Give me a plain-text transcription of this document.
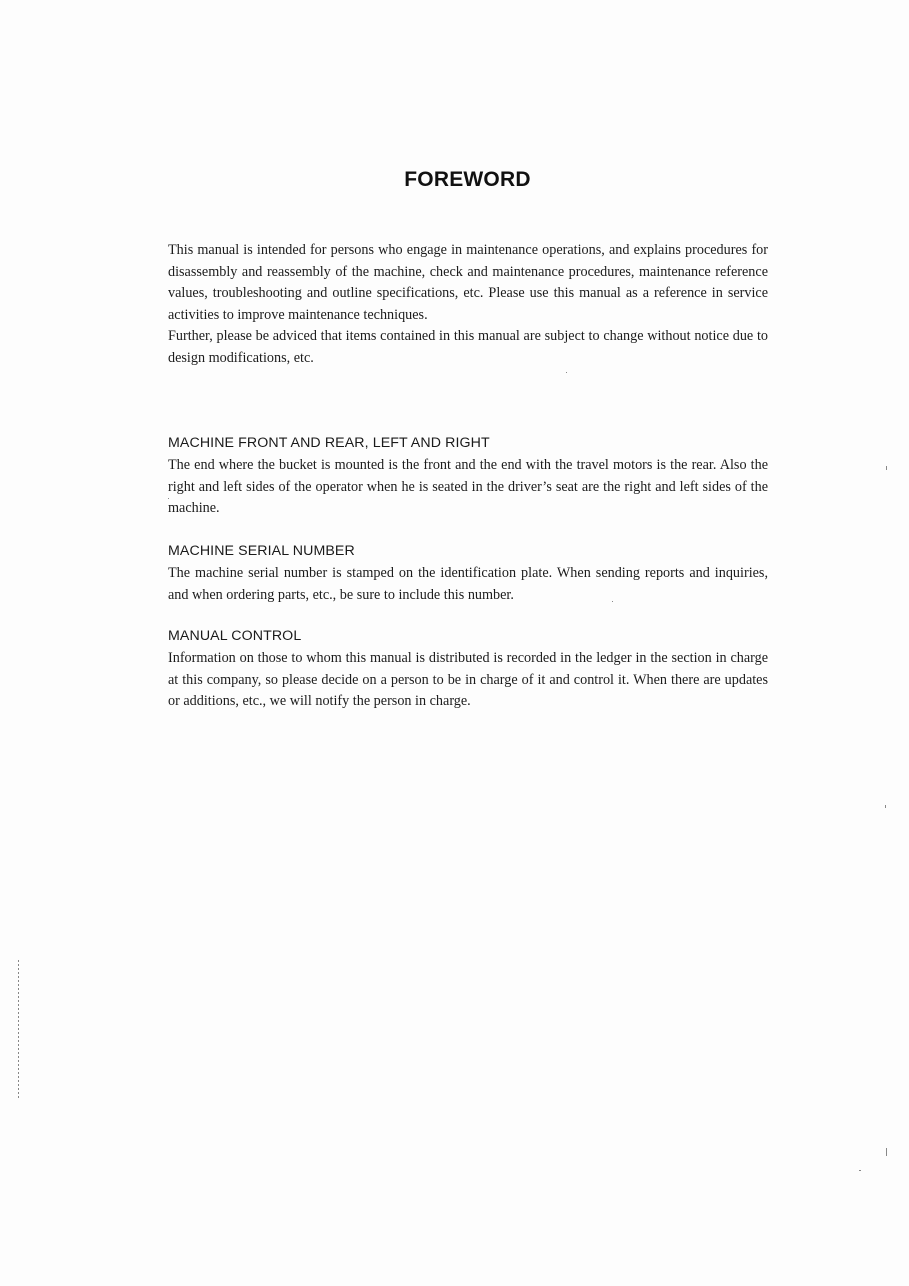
FOREWORD

This manual is intended for persons who engage in maintenance operations, and explains procedures for disassembly and reassembly of the machine, check and maintenance procedures, maintenance reference values, troubleshooting and outline specifications, etc. Please use this manual as a reference in service activities to improve maintenance techniques.

Further, please be adviced that items contained in this manual are subject to change without notice due to design modifications, etc.

MACHINE FRONT AND REAR, LEFT AND RIGHT

The end where the bucket is mounted is the front and the end with the travel motors is the rear. Also the right and left sides of the operator when he is seated in the driver’s seat are the right and left sides of the machine.

MACHINE SERIAL NUMBER

The machine serial number is stamped on the identification plate. When sending reports and inquiries, and when ordering parts, etc., be sure to include this number.

MANUAL CONTROL

Information on those to whom this manual is distributed is recorded in the ledger in the section in charge at this company, so please decide on a person to be in charge of it and control it. When there are updates or additions, etc., we will notify the person in charge.
